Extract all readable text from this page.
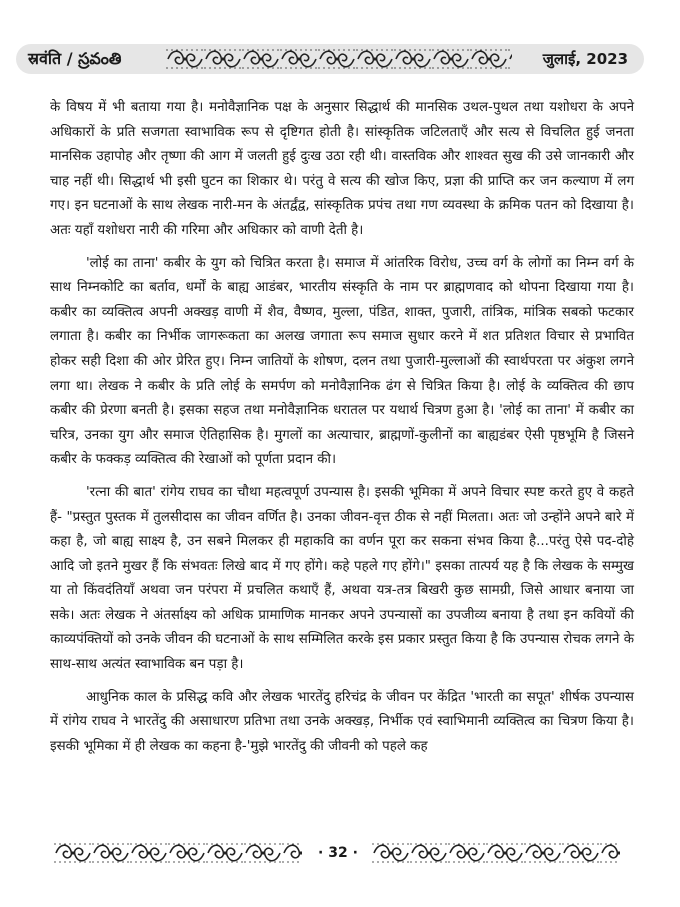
स्रवंति / స్రవంతి	जुलाई, 2023

के विषय में भी बताया गया है। मनोवैज्ञानिक पक्ष के अनुसार सिद्धार्थ की मानसिक उथल-पुथल तथा यशोधरा के अपने अधिकारों के प्रति सजगता स्वाभाविक रूप से दृष्टिगत होती है। सांस्कृतिक जटिलताएँ और सत्य से विचलित हुई जनता मानसिक उहापोह और तृष्णा की आग में जलती हुई दुःख उठा रही थी। वास्तविक और शाश्वत सुख की उसे जानकारी और चाह नहीं थी। सिद्धार्थ भी इसी घुटन का शिकार थे। परंतु वे सत्य की खोज किए, प्रज्ञा की प्राप्ति कर जन कल्याण में लग गए। इन घटनाओं के साथ लेखक नारी-मन के अंतर्द्वंद्व, सांस्कृतिक प्रपंच तथा गण व्यवस्था के क्रमिक पतन को दिखाया है। अतः यहाँ यशोधरा नारी की गरिमा और अधिकार को वाणी देती है।

'लोई का ताना' कबीर के युग को चित्रित करता है। समाज में आंतरिक विरोध, उच्च वर्ग के लोगों का निम्न वर्ग के साथ निम्नकोटि का बर्ताव, धर्मों के बाह्य आडंबर, भारतीय संस्कृति के नाम पर ब्राह्मणवाद को थोपना दिखाया गया है। कबीर का व्यक्तित्व अपनी अक्खड़ वाणी में शैव, वैष्णव, मुल्ला, पंडित, शाक्त, पुजारी, तांत्रिक, मांत्रिक सबको फटकार लगाता है। कबीर का निर्भीक जागरूकता का अलख जगाता रूप समाज सुधार करने में शत प्रतिशत विचार से प्रभावित होकर सही दिशा की ओर प्रेरित हुए। निम्न जातियों के शोषण, दलन तथा पुजारी-मुल्लाओं की स्वार्थपरता पर अंकुश लगने लगा था। लेखक ने कबीर के प्रति लोई के समर्पण को मनोवैज्ञानिक ढंग से चित्रित किया है। लोई के व्यक्तित्व की छाप कबीर की प्रेरणा बनती है। इसका सहज तथा मनोवैज्ञानिक धरातल पर यथार्थ चित्रण हुआ है। 'लोई का ताना' में कबीर का चरित्र, उनका युग और समाज ऐतिहासिक है। मुगलों का अत्याचार, ब्राह्मणों-कुलीनों का बाह्यडंबर ऐसी पृष्ठभूमि है जिसने कबीर के फक्कड़ व्यक्तित्व की रेखाओं को पूर्णता प्रदान की।

'रत्ना की बात' रांगेय राघव का चौथा महत्वपूर्ण उपन्यास है। इसकी भूमिका में अपने विचार स्पष्ट करते हुए वे कहते हैं- "प्रस्तुत पुस्तक में तुलसीदास का जीवन वर्णित है। उनका जीवन-वृत्त ठीक से नहीं मिलता। अतः जो उन्होंने अपने बारे में कहा है, जो बाह्य साक्ष्य है, उन सबने मिलकर ही महाकवि का वर्णन पूरा कर सकना संभव किया है...परंतु ऐसे पद-दोहे आदि जो इतने मुखर हैं कि संभवतः लिखे बाद में गए होंगे। कहे पहले गए होंगे।" इसका तात्पर्य यह है कि लेखक के सम्मुख या तो किंवदंतियाँ अथवा जन परंपरा में प्रचलित कथाएँ हैं, अथवा यत्र-तत्र बिखरी कुछ सामग्री, जिसे आधार बनाया जा सके। अतः लेखक ने अंतर्साक्ष्य को अधिक प्रामाणिक मानकर अपने उपन्यासों का उपजीव्य बनाया है तथा इन कवियों की काव्यपंक्तियों को उनके जीवन की घटनाओं के साथ सम्मिलित करके इस प्रकार प्रस्तुत किया है कि उपन्यास रोचक लगने के साथ-साथ अत्यंत स्वाभाविक बन पड़ा है।

आधुनिक काल के प्रसिद्ध कवि और लेखक भारतेंदु हरिचंद्र के जीवन पर केंद्रित 'भारती का सपूत' शीर्षक उपन्यास में रांगेय राघव ने भारतेंदु की असाधारण प्रतिभा तथा उनके अक्खड़, निर्भीक एवं स्वाभिमानी व्यक्तित्व का चित्रण किया है। इसकी भूमिका में ही लेखक का कहना है-'मुझे भारतेंदु की जीवनी को पहले कह

· 32 ·
